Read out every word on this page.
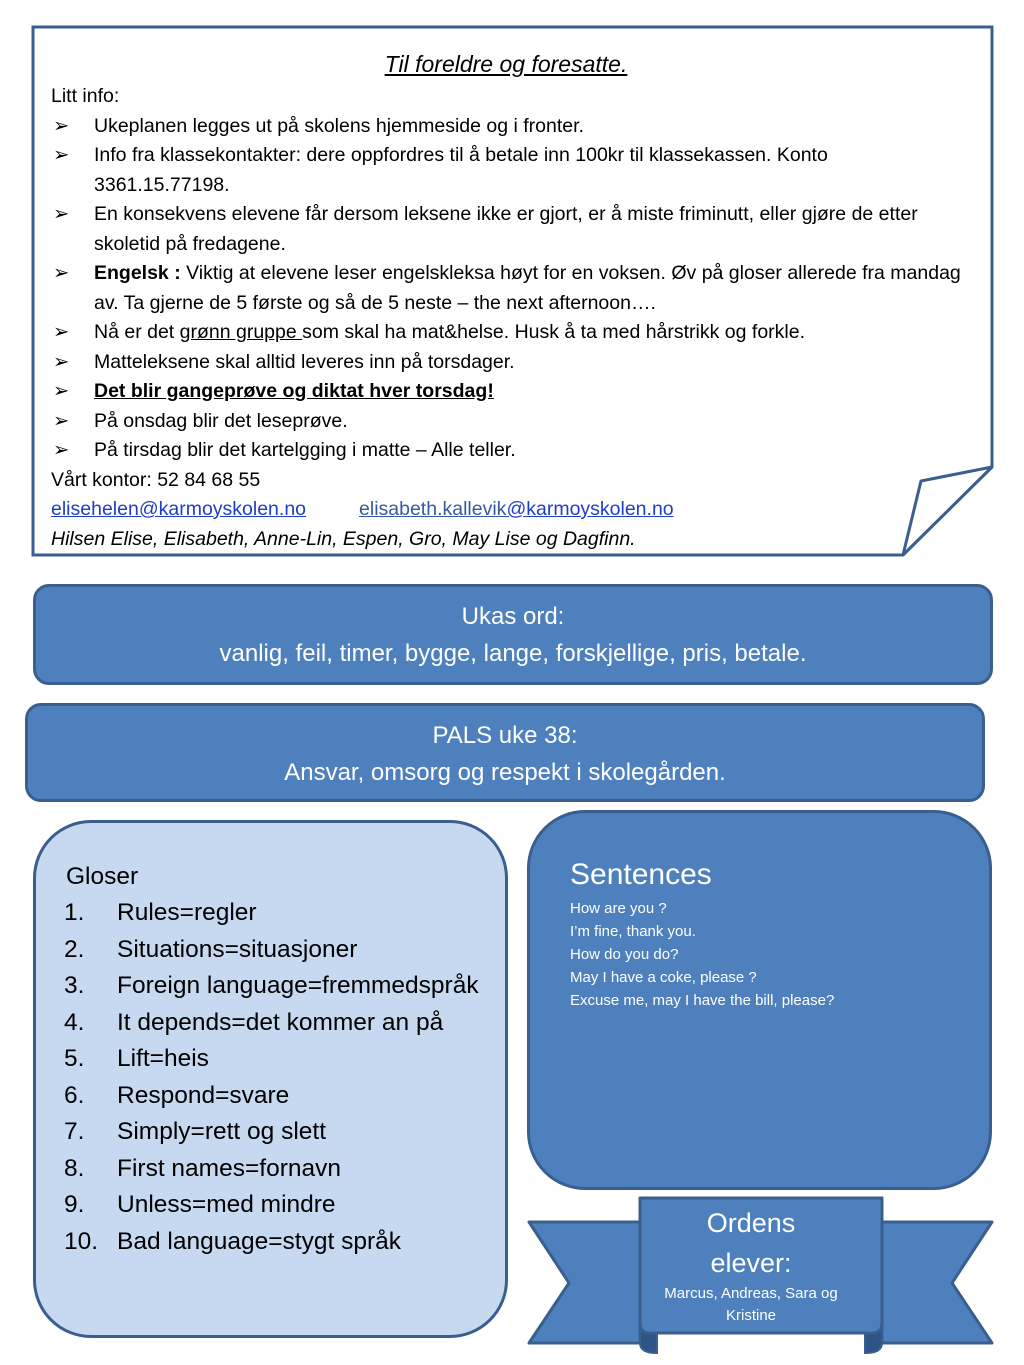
Til foreldre og foresatte.
Litt info:
➢ Ukeplanen legges ut på skolens hjemmeside og i fronter.
➢ Info fra klassekontakter: dere oppfordres til å betale inn 100kr til klassekassen. Konto 3361.15.77198.
➢ En konsekvens elevene får dersom leksene ikke er gjort, er å miste friminutt, eller gjøre de etter skoletid på fredagene.
➢ Engelsk : Viktig at elevene leser engelskleksa høyt for en voksen. Øv på gloser allerede fra mandag av. Ta gjerne de 5 første og så de 5 neste – the next afternoon….
➢ Nå er det grønn gruppe som skal ha mat&helse. Husk å ta med hårstrikk og forkle.
➢ Matteleksene skal alltid leveres inn på torsdager.
➢ Det blir gangeprøve og diktat hver torsdag!
➢ På onsdag blir det leseprøve.
➢ På tirsdag blir det kartelgging i matte – Alle teller.
Vårt kontor: 52 84 68 55
elisehelen@karmoyskolen.no	elisabeth.kallevik@karmoyskolen.no
Hilsen Elise, Elisabeth, Anne-Lin, Espen, Gro, May Lise og Dagfinn.
Ukas ord:
vanlig, feil, timer, bygge, lange, forskjellige, pris, betale.
PALS uke 38:
Ansvar, omsorg og respekt i skolegården.
Gloser
1. Rules=regler
2. Situations=situasjoner
3. Foreign language=fremmedspråk
4. It depends=det kommer an på
5. Lift=heis
6. Respond=svare
7. Simply=rett og slett
8. First names=fornavn
9. Unless=med mindre
10. Bad language=stygt språk
Sentences
How are you ?
I’m fine, thank you.
How do you do?
May I have a coke, please ?
Excuse me, may I have the bill, please?
Ordens
elever:
Marcus, Andreas, Sara og Kristine
